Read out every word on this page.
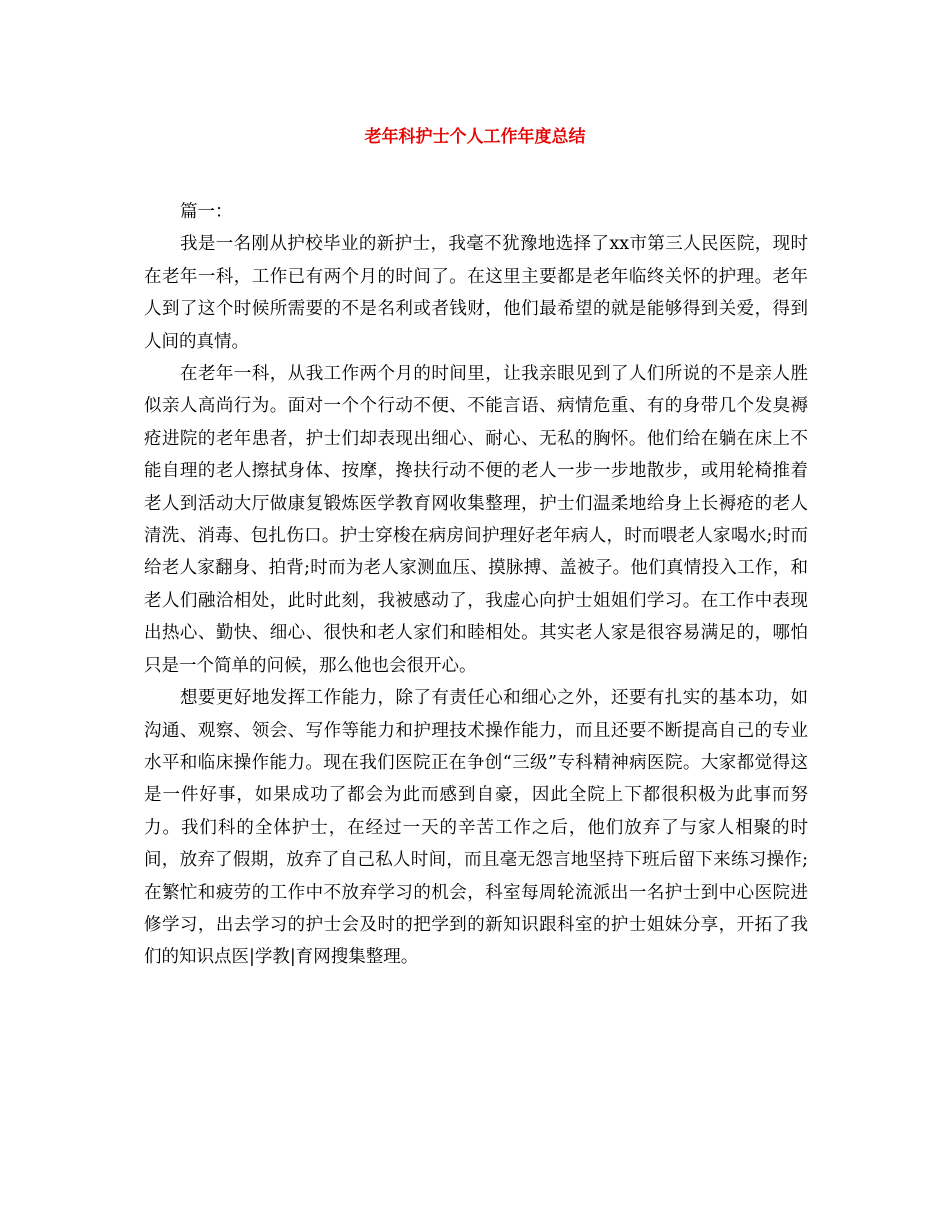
老年科护士个人工作年度总结

篇一：

我是一名刚从护校毕业的新护士，我毫不犹豫地选择了xx市第三人民医院，现时在老年一科，工作已有两个月的时间了。在这里主要都是老年临终关怀的护理。老年人到了这个时候所需要的不是名利或者钱财，他们最希望的就是能够得到关爱，得到人间的真情。

在老年一科，从我工作两个月的时间里，让我亲眼见到了人们所说的不是亲人胜似亲人高尚行为。面对一个个行动不便、不能言语、病情危重、有的身带几个发臭褥疮进院的老年患者，护士们却表现出细心、耐心、无私的胸怀。他们给在躺在床上不能自理的老人擦拭身体、按摩，搀扶行动不便的老人一步一步地散步，或用轮椅推着老人到活动大厅做康复锻炼医学教育网收集整理，护士们温柔地给身上长褥疮的老人清洗、消毒、包扎伤口。护士穿梭在病房间护理好老年病人，时而喂老人家喝水;时而给老人家翻身、拍背;时而为老人家测血压、摸脉搏、盖被子。他们真情投入工作，和老人们融洽相处，此时此刻，我被感动了，我虚心向护士姐姐们学习。在工作中表现出热心、勤快、细心、很快和老人家们和睦相处。其实老人家是很容易满足的，哪怕只是一个简单的问候，那么他也会很开心。

想要更好地发挥工作能力，除了有责任心和细心之外，还要有扎实的基本功，如沟通、观察、领会、写作等能力和护理技术操作能力，而且还要不断提高自己的专业水平和临床操作能力。现在我们医院正在争创“三级”专科精神病医院。大家都觉得这是一件好事，如果成功了都会为此而感到自豪，因此全院上下都很积极为此事而努力。我们科的全体护士，在经过一天的辛苦工作之后，他们放弃了与家人相聚的时间，放弃了假期，放弃了自己私人时间，而且毫无怨言地坚持下班后留下来练习操作;在繁忙和疲劳的工作中不放弃学习的机会，科室每周轮流派出一名护士到中心医院进修学习，出去学习的护士会及时的把学到的新知识跟科室的护士姐妹分享，开拓了我们的知识点医|学教|育网搜集整理。
